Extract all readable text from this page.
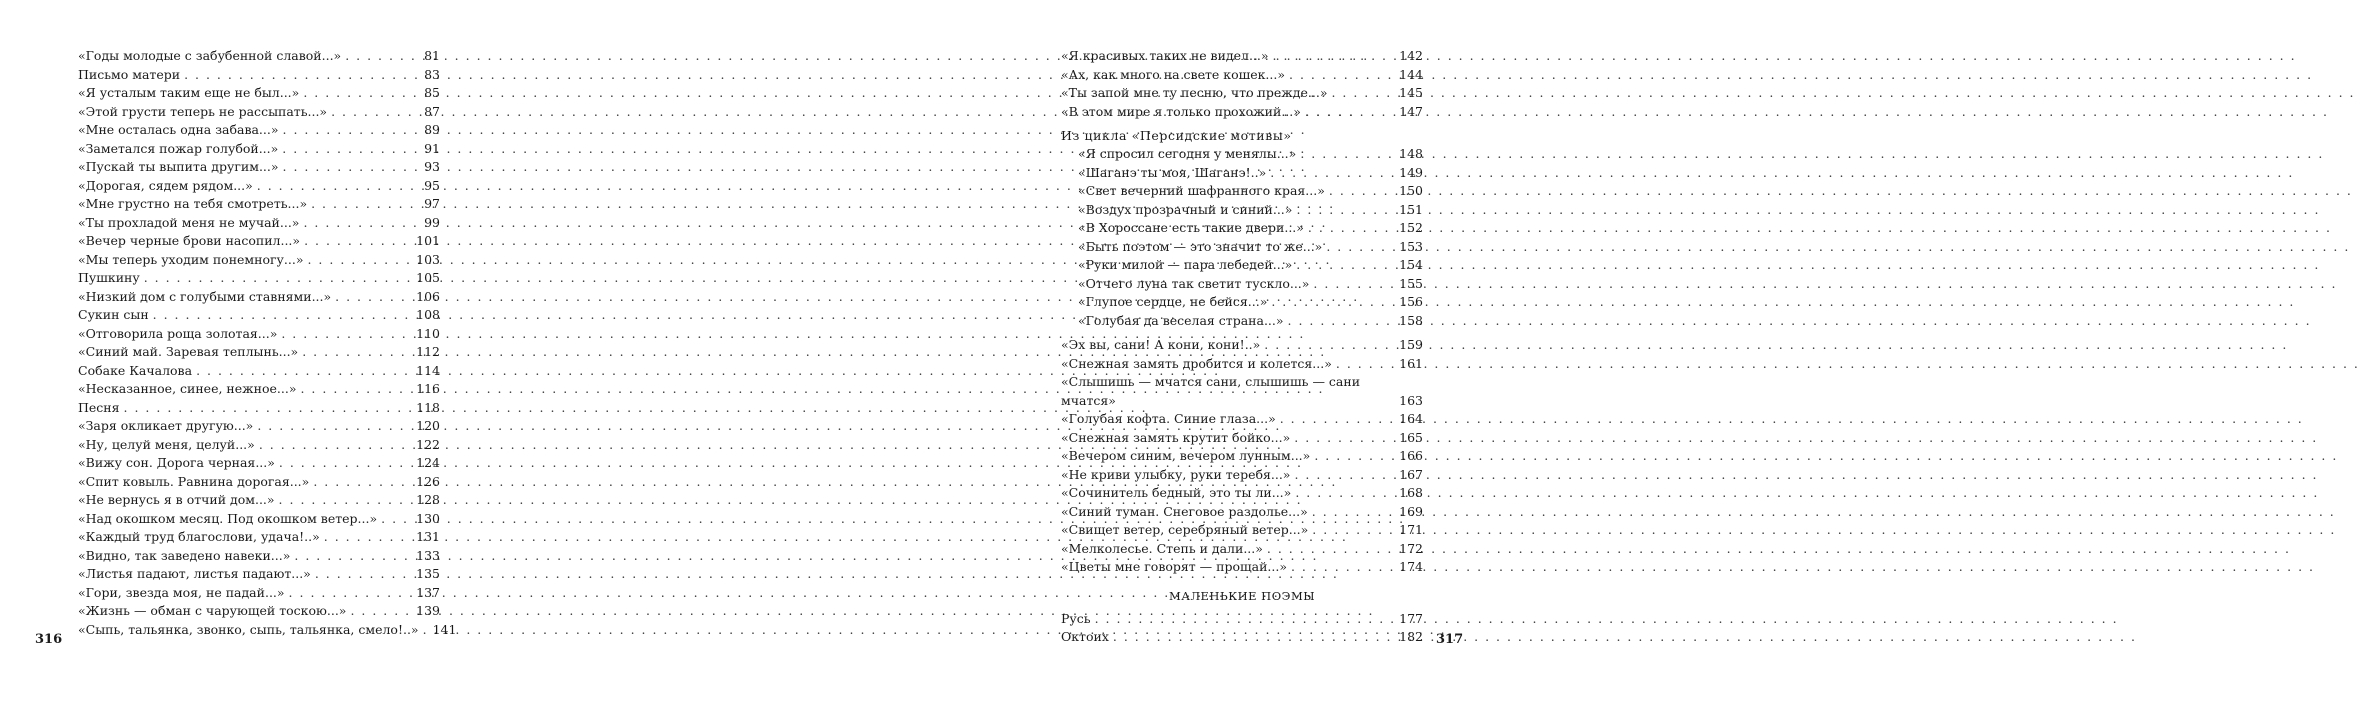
«Годы молодые с забубенной славой...» . . .	81
Письмо матери . . .	83
«Я усталым таким еще не был...» . . .	85
«Этой грусти теперь не рассыпать...» . . .	87
«Мне осталась одна забава...» . . .	89
«Заметался пожар голубой...» . . .	91
«Пускай ты выпита другим...» . . .	93
«Дорогая, сядем рядом...» . . .	95
«Мне грустно на тебя смотреть...» . . .	97
«Ты прохладой меня не мучай...» . . .	99
«Вечер черные брови насопил...» . . .	101
«Мы теперь уходим понемногу...» . . .	103
Пушкину . . .	105
«Низкий дом с голубыми ставнями...» . . .	106
Сукин сын . . .	108
«Отговорила роща золотая...» . . .	110
«Синий май. Заревая теплынь...» . . .	112
Собаке Качалова . . .	114
«Несказанное, синее, нежное...» . . .	116
Песня . . .	118
«Заря окликает другую...» . . .	120
«Ну, целуй меня, целуй...» . . .	122
«Вижу сон. Дорога черная...» . . .	124
«Спит ковыль. Равнина дорогая...» . . .	126
«Не вернусь я в отчий дом...» . . .	128
«Над окошком месяц. Под окошком ветер...» . . .	130
«Каждый труд благослови, удача!..» . . .	131
«Видно, так заведено навеки...» . . .	133
«Листья падают, листья падают...» . . .	135
«Гори, звезда моя, не падай...» . . .	137
«Жизнь — обман с чарующей тоскою...» . . .	139
«Сыпь, тальянка, звонко, сыпь, тальянка, смело!..» . . . 141
316
«Я красивых таких не видел...» . . .	142
«Ах, как много на свете кошек...» . . .	144
«Ты запой мне ту песню, что прежде...» . . .	145
«В этом мире я только прохожий...» . . .	147
Из цикла «Персидские мотивы»
«Я спросил сегодня у менялы...» . . .	148
«Шаганэ ты моя, Шаганэ!..» . . .	149
«Свет вечерний шафранного края...» . . .	150
«Воздух прозрачный и синий...» . . .	151
«В Хороссане есть такие двери...» . . .	152
«Быть поэтом — это значит то же...» . . .	153
«Руки милой — пара лебедей...» . . .	154
«Отчего луна так светит тускло...» . . .	155
«Глупое сердце, не бейся...» . . .	156
«Голубая да веселая страна...» . . .	158
«Эх вы, сани! А кони, кони!..» . . .	159
«Снежная замять дробится и колется...» . . .	161
«Слышишь — мчатся сани, слышишь — сани
мчатся»	163
«Голубая кофта. Синие глаза...» . . .	164
«Снежная замять крутит бойко...» . . .	165
«Вечером синим, вечером лунным...» . . .	166
«Не криви улыбку, руки теребя...» . . .	167
«Сочинитель бедный, это ты ли...» . . .	168
«Синий туман. Снеговое раздолье...» . . .	169
«Свищет ветер, серебряный ветер...» . . .	171
«Мелколесье. Степь и дали...» . . .	172
«Цветы мне говорят — прощай...» . . .	174
МАЛЕНЬКИЕ ПОЭМЫ
Русь . . .	177
Октоих . . .	182 317
